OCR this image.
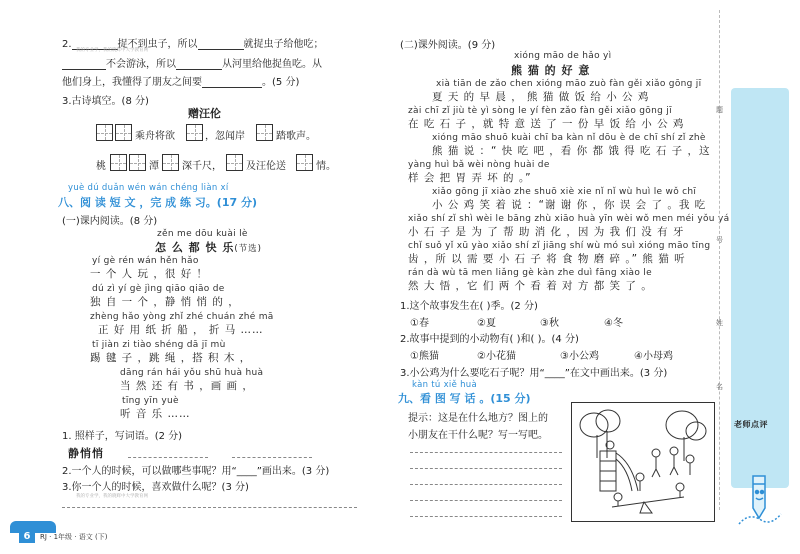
2.	捉不到虫子，所以	就捉虫子给他吃；
我的专业学，我的晓辉中大学教育网
不会游泳，所以	从河里给他捉鱼吃。从
他们身上，我懂得了朋友之间要	。(5 分)
3.古诗填空。(8 分)
赠汪伦
乘舟将欲	，忽闻岸	踏歌声。
桃	潭 深千尺， 及汪伦送	情。
yuè dú duǎn wén wán chéng liàn xí
八、阅 读 短 文 ，完 成 练 习。(17 分)
(一)课内阅读。(8 分)
zěn me dōu kuài lè
怎 么 都 快 乐(节选)
yí gè rén wán hěn hǎo
一 个 人 玩 ，很 好 ！
dú zì yí gè jìng qiāo qiāo de
独 自 一 个 ，静 悄 悄 的 ，
zhèng hǎo yòng zhǐ zhé chuán zhé mā
正 好 用 纸 折 船 ， 折 马 ……
tī jiàn zi tiào shéng dā jī mù
踢 毽 子 ，跳 绳 ，搭 积 木 ，
dāng rán hái yǒu shū huà huà
当 然 还 有 书 ，画 画 ，
tīng yīn yuè
听 音 乐 ……
1. 照样子，写词语。(2 分)
静悄悄
2.一个人的时候，可以做哪些事呢？用“____”画出来。(3 分)
3.你一个人的时候，喜欢做什么呢？(3 分)
我的专业学，我的晓辉中大学教育网
6	RJ · 1年级 · 语文 (下)
(二)课外阅读。(9 分)
xióng māo de hǎo yì
熊 猫 的 好 意
xià tiān de zǎo chen xióng māo zuò fàn gěi xiǎo gōng jī
夏 天 的 早 晨 ， 熊 猫 做 饭 给 小 公 鸡
zài chī zǐ jiù tè yì sòng le yí fèn zǎo fàn gěi xiǎo gōng jī
在 吃 石 子 ，就 特 意 送 了 一 份 早 饭 给 小 公 鸡
xióng māo shuō kuài chī ba kàn nǐ dōu è de chī shí zǐ zhè
熊 猫 说 ：“ 快 吃 吧 ，看 你 都 饿 得 吃 石 子 ，这
yàng huì bǎ wèi nòng huài de
样 会 把 胃 弄 坏 的 。”
xiǎo gōng jī xiào zhe shuō xiè xie nǐ nǐ wù huì le wǒ chī
小 公 鸡 笑 着 说 ：“谢 谢 你 ，你 误 会 了 。我 吃
xiǎo shí zǐ shì wèi le bāng zhù xiāo huà yīn wèi wǒ men méi yǒu yá
小 石 子 是 为 了 帮 助 消 化 ，因 为 我 们 没 有 牙
chǐ suǒ yǐ xū yào xiǎo shí zǐ jiāng shí wù mó suì xióng māo tīng
齿 ，所 以 需 要 小 石 子 将 食 物 磨 碎 。” 熊 猫 听
rán dà wù tā men liǎng gè kàn zhe duì fāng xiào le
然 大 悟 ，它 们 两 个 看 着 对 方 都 笑 了 。
1.这个故事发生在( )季。(2 分)
①春	②夏	③秋	④冬
2.故事中提到的小动物有( )和( )。(4 分)
①熊猫	②小花猫	③小公鸡	④小母鸡
3.小公鸡为什么要吃石子呢？用“____”在文中画出来。(3 分)
kàn tú xiě huà
九、看 图 写 话 。(15 分)
提示：这是在什么地方？图上的
小朋友在干什么呢？写一写吧。
题
号
姓
名
老师点评
